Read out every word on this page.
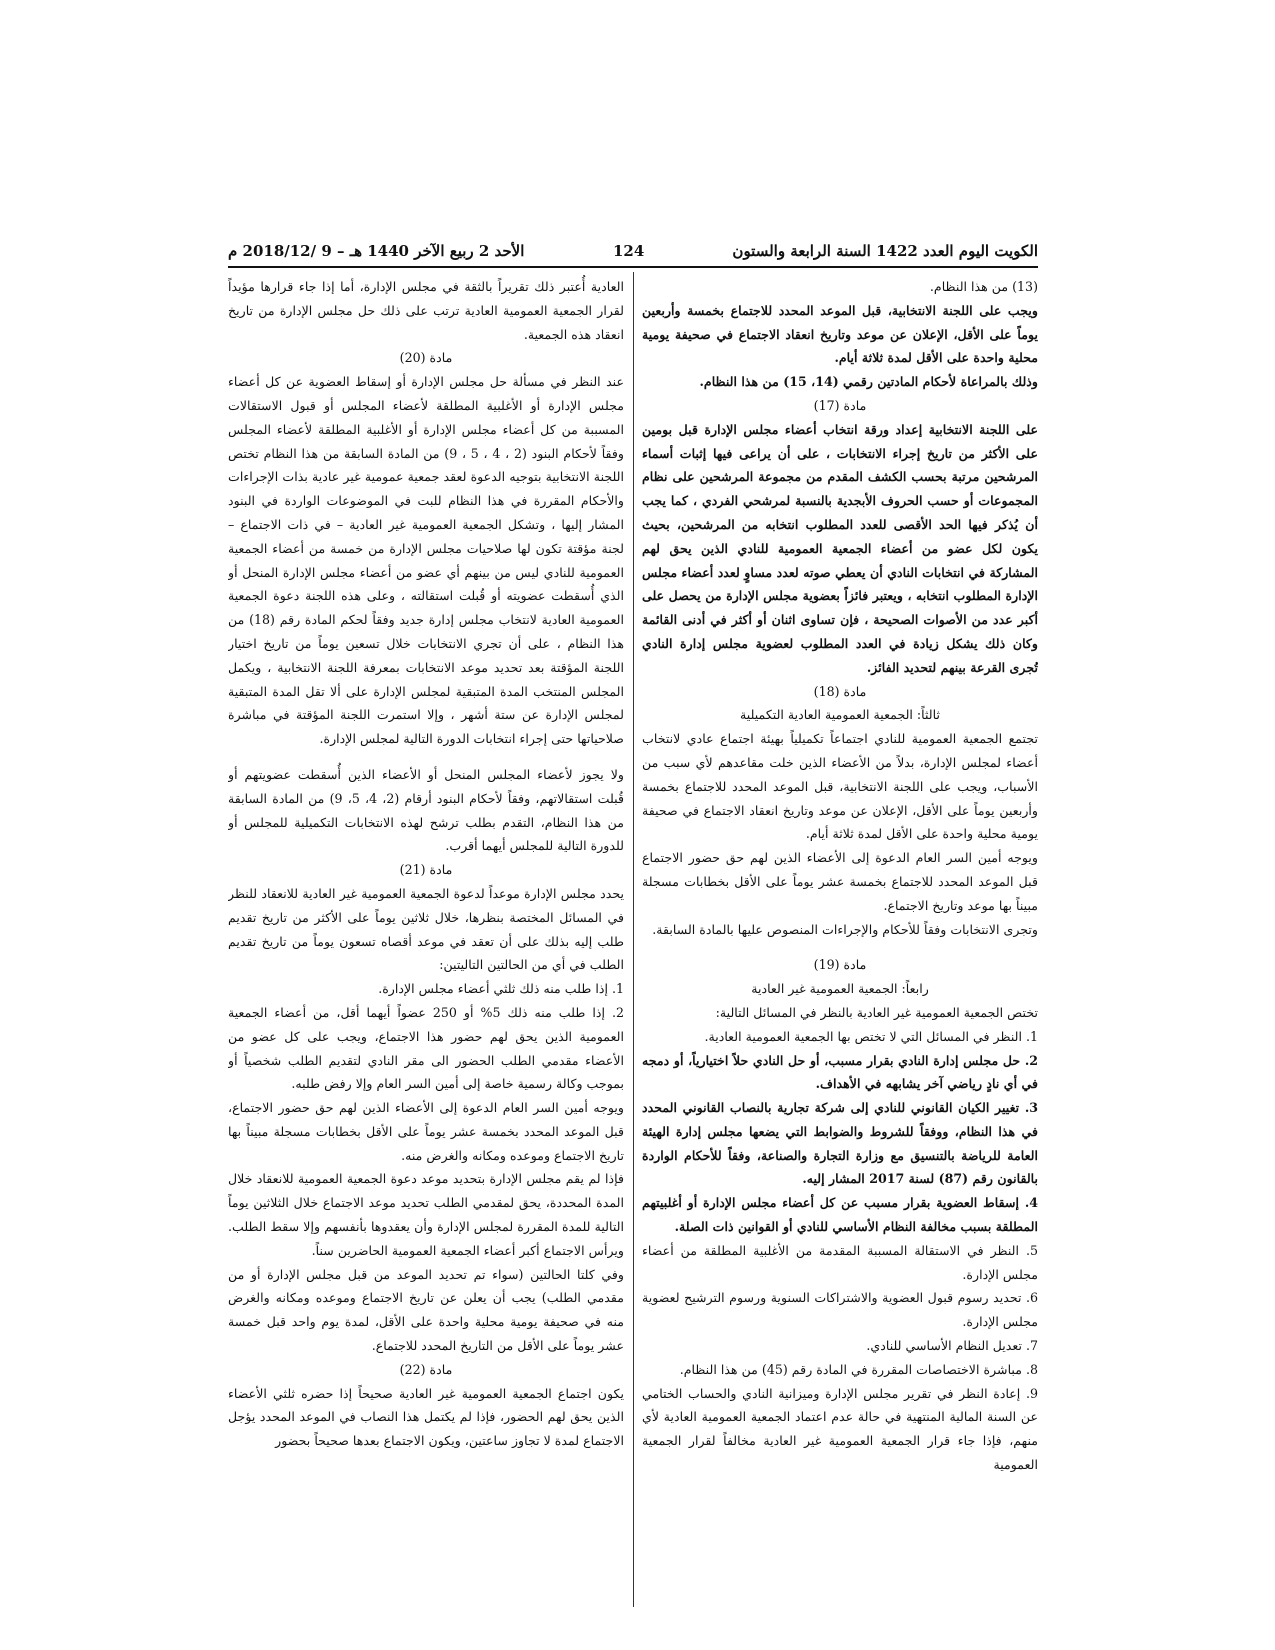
الكويت اليوم العدد 1422 السنة الرابعة والستون
124
الأحد 2 ربيع الآخر 1440 هـ – 9 /2018/12 م

(13) من هذا النظام.

ويجب على اللجنة الانتخابية، قبل الموعد المحدد للاجتماع بخمسة وأربعين يوماً على الأقل، الإعلان عن موعد وتاريخ انعقاد الاجتماع في صحيفة يومية محلية واحدة على الأقل لمدة ثلاثة أيام.

وذلك بالمراعاة لأحكام المادتين رقمي (14، 15) من هذا النظام.

مادة (17)

على اللجنة الانتخابية إعداد ورقة انتخاب أعضاء مجلس الإدارة قبل بومين على الأكثر من تاريخ إجراء الانتخابات ، على أن يراعى فيها إثبات أسماء المرشحين مرتبة بحسب الكشف المقدم من مجموعة المرشحين على نظام المجموعات أو حسب الحروف الأبجدية بالنسبة لمرشحي الفردي ، كما يجب أن يُذكر فيها الحد الأقصى للعدد المطلوب انتخابه من المرشحين، بحيث يكون لكل عضو من أعضاء الجمعية العمومية للنادي الذين يحق لهم المشاركة في انتخابات النادي أن يعطي صوته لعدد مساوٍ لعدد أعضاء مجلس الإدارة المطلوب انتخابه ، ويعتبر فائزاً بعضوية مجلس الإدارة من يحصل على أكبر عدد من الأصوات الصحيحة ، فإن تساوى اثنان أو أكثر في أدنى القائمة وكان ذلك يشكل زيادة في العدد المطلوب لعضوية مجلس إدارة النادي تُجرى القرعة بينهم لتحديد الفائز.

مادة (18)

ثالثاً: الجمعية العمومية العادية التكميلية

تجتمع الجمعية العمومية للنادي اجتماعاً تكميلياً بهيئة اجتماع عادي لانتخاب أعضاء لمجلس الإدارة، بدلاً من الأعضاء الذين خلت مقاعدهم لأي سبب من الأسباب، ويجب على اللجنة الانتخابية، قبل الموعد المحدد للاجتماع بخمسة وأربعين يوماً على الأقل، الإعلان عن موعد وتاريخ انعقاد الاجتماع في صحيفة يومية محلية واحدة على الأقل لمدة ثلاثة أيام.

ويوجه أمين السر العام الدعوة إلى الأعضاء الذين لهم حق حضور الاجتماع قبل الموعد المحدد للاجتماع بخمسة عشر يوماً على الأقل بخطابات مسجلة مبيناً بها موعد وتاريخ الاجتماع.

وتجرى الانتخابات وفقاً للأحكام والإجراءات المنصوص عليها بالمادة السابقة.

مادة (19)

رابعاً: الجمعية العمومية غير العادية

تختص الجمعية العمومية غير العادية بالنظر في المسائل التالية:

1. النظر في المسائل التي لا تختص بها الجمعية العمومية العادية.

2. حل مجلس إدارة النادي بقرار مسبب، أو حل النادي حلاً اختيارياً، أو دمجه في أي نادٍ رياضي آخر يشابهه في الأهداف.

3. تغيير الكيان القانوني للنادي إلى شركة تجارية بالنصاب القانوني المحدد في هذا النظام، ووفقاً للشروط والضوابط التي يضعها مجلس إدارة الهيئة العامة للرياضة بالتنسيق مع وزارة التجارة والصناعة، وفقاً للأحكام الواردة بالقانون رقم (87) لسنة 2017 المشار إليه.

4. إسقاط العضوية بقرار مسبب عن كل أعضاء مجلس الإدارة أو أغلبيتهم المطلقة بسبب مخالفة النظام الأساسي للنادي أو القوانين ذات الصلة.

5. النظر في الاستقالة المسببة المقدمة من الأغلبية المطلقة من أعضاء مجلس الإدارة.

6. تحديد رسوم قبول العضوية والاشتراكات السنوية ورسوم الترشيح لعضوية مجلس الإدارة.

7. تعديل النظام الأساسي للنادي.

8. مباشرة الاختصاصات المقررة في المادة رقم (45) من هذا النظام.

9. إعادة النظر في تقرير مجلس الإدارة وميزانية النادي والحساب الختامي عن السنة المالية المنتهية في حالة عدم اعتماد الجمعية العمومية العادية لأي منهم، فإذا جاء قرار الجمعية العمومية غير العادية مخالفاً لقرار الجمعية العمومية

العادية أُعتبر ذلك تقريراً بالثقة في مجلس الإدارة، أما إذا جاء قرارها مؤيداً لقرار الجمعية العمومية العادية ترتب على ذلك حل مجلس الإدارة من تاريخ انعقاد هذه الجمعية.

مادة (20)

عند النظر في مسألة حل مجلس الإدارة أو إسقاط العضوية عن كل أعضاء مجلس الإدارة أو الأغلبية المطلقة لأعضاء المجلس أو قبول الاستقالات المسببة من كل أعضاء مجلس الإدارة أو الأغلبية المطلقة لأعضاء المجلس وفقاً لأحكام البنود (2 ، 4 ، 5 ، 9) من المادة السابقة من هذا النظام تختص اللجنة الانتخابية بتوجيه الدعوة لعقد جمعية عمومية غير عادية بذات الإجراءات والأحكام المقررة في هذا النظام للبت في الموضوعات الواردة في البنود المشار إليها ، وتشكل الجمعية العمومية غير العادية – في ذات الاجتماع – لجنة مؤقتة تكون لها صلاحيات مجلس الإدارة من خمسة من أعضاء الجمعية العمومية للنادي ليس من بينهم أي عضو من أعضاء مجلس الإدارة المنحل أو الذي أُسقطت عضويته أو قُبلت استقالته ، وعلى هذه اللجنة دعوة الجمعية العمومية العادية لانتخاب مجلس إدارة جديد وفقاً لحكم المادة رقم (18) من هذا النظام ، على أن تجري الانتخابات خلال تسعين يوماً من تاريخ اختيار اللجنة المؤقتة بعد تحديد موعد الانتخابات بمعرفة اللجنة الانتخابية ، ويكمل المجلس المنتخب المدة المتبقية لمجلس الإدارة على ألا تقل المدة المتبقية لمجلس الإدارة عن ستة أشهر ، وإلا استمرت اللجنة المؤقتة في مباشرة صلاحياتها حتى إجراء انتخابات الدورة التالية لمجلس الإدارة.

ولا يجوز لأعضاء المجلس المنحل أو الأعضاء الذين أُسقطت عضويتهم أو قُبلت استقالاتهم، وفقاً لأحكام البنود أرقام (2، 4، 5، 9) من المادة السابقة من هذا النظام، التقدم بطلب ترشح لهذه الانتخابات التكميلية للمجلس أو للدورة التالية للمجلس أيهما أقرب.

مادة (21)

يحدد مجلس الإدارة موعداً لدعوة الجمعية العمومية غير العادية للانعقاد للنظر في المسائل المختصة بنظرها، خلال ثلاثين يوماً على الأكثر من تاريخ تقديم طلب إليه بذلك على أن تعقد في موعد أقصاه تسعون يوماً من تاريخ تقديم الطلب في أي من الحالتين التاليتين:

1. إذا طلب منه ذلك ثلثي أعضاء مجلس الإدارة.

2. إذا طلب منه ذلك 5% أو 250 عضواً أيهما أقل، من أعضاء الجمعية العمومية الذين يحق لهم حضور هذا الاجتماع، ويجب على كل عضو من الأعضاء مقدمي الطلب الحضور الى مقر النادي لتقديم الطلب شخصياً أو بموجب وكالة رسمية خاصة إلى أمين السر العام وإلا رفض طلبه.

ويوجه أمين السر العام الدعوة إلى الأعضاء الذين لهم حق حضور الاجتماع، قبل الموعد المحدد بخمسة عشر يوماً على الأقل بخطابات مسجلة مبيناً بها تاريخ الاجتماع وموعده ومكانه والغرض منه.

فإذا لم يقم مجلس الإدارة بتحديد موعد دعوة الجمعية العمومية للانعقاد خلال المدة المحددة، يحق لمقدمي الطلب تحديد موعد الاجتماع خلال الثلاثين يوماً التالية للمدة المقررة لمجلس الإدارة وأن يعقدوها بأنفسهم وإلا سقط الطلب. ويرأس الاجتماع أكبر أعضاء الجمعية العمومية الحاضرين سناً.

وفي كلتا الحالتين (سواء تم تحديد الموعد من قبل مجلس الإدارة أو من مقدمي الطلب) يجب أن يعلن عن تاريخ الاجتماع وموعده ومكانه والغرض منه في صحيفة يومية محلية واحدة على الأقل، لمدة يوم واحد قبل خمسة عشر يوماً على الأقل من التاريخ المحدد للاجتماع.

مادة (22)

يكون اجتماع الجمعية العمومية غير العادية صحيحاً إذا حضره ثلثي الأعضاء الذين يحق لهم الحضور، فإذا لم يكتمل هذا النصاب في الموعد المحدد يؤجل الاجتماع لمدة لا تجاوز ساعتين، ويكون الاجتماع بعدها صحيحاً بحضور
